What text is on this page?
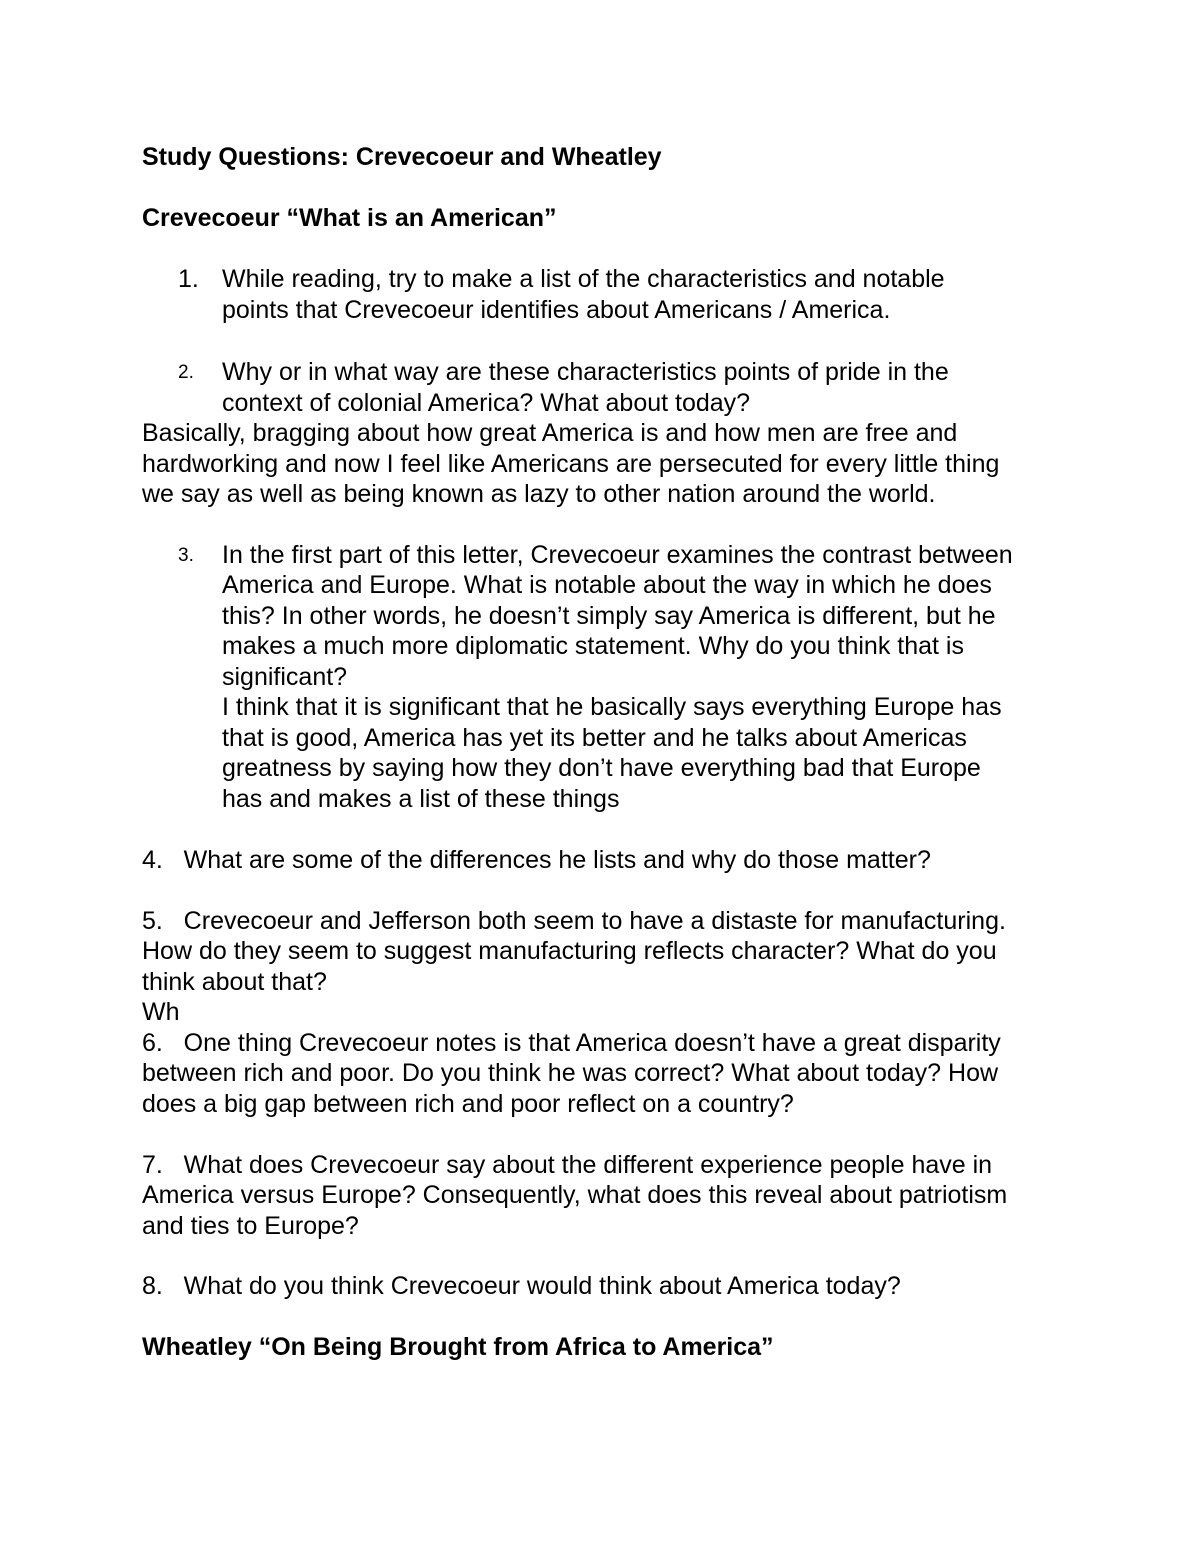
Study Questions: Crevecoeur and Wheatley
Crevecoeur “What is an American”
1. While reading, try to make a list of the characteristics and notable
points that Crevecoeur identifies about Americans / America.
2. Why or in what way are these characteristics points of pride in the
context of colonial America? What about today?
Basically, bragging about how great America is and how men are free and
hardworking and now I feel like Americans are persecuted for every little thing
we say as well as being known as lazy to other nation around the world.
3. In the first part of this letter, Crevecoeur examines the contrast between
America and Europe. What is notable about the way in which he does
this? In other words, he doesn’t simply say America is different, but he
makes a much more diplomatic statement. Why do you think that is
significant?
I think that it is significant that he basically says everything Europe has
that is good, America has yet its better and he talks about Americas
greatness by saying how they don’t have everything bad that Europe
has and makes a list of these things
4.   What are some of the differences he lists and why do those matter?
5.   Crevecoeur and Jefferson both seem to have a distaste for manufacturing.
How do they seem to suggest manufacturing reflects character? What do you
think about that?
Wh
6.   One thing Crevecoeur notes is that America doesn’t have a great disparity
between rich and poor. Do you think he was correct? What about today? How
does a big gap between rich and poor reflect on a country?
7.   What does Crevecoeur say about the different experience people have in
America versus Europe? Consequently, what does this reveal about patriotism
and ties to Europe?
8.   What do you think Crevecoeur would think about America today?
Wheatley “On Being Brought from Africa to America”
